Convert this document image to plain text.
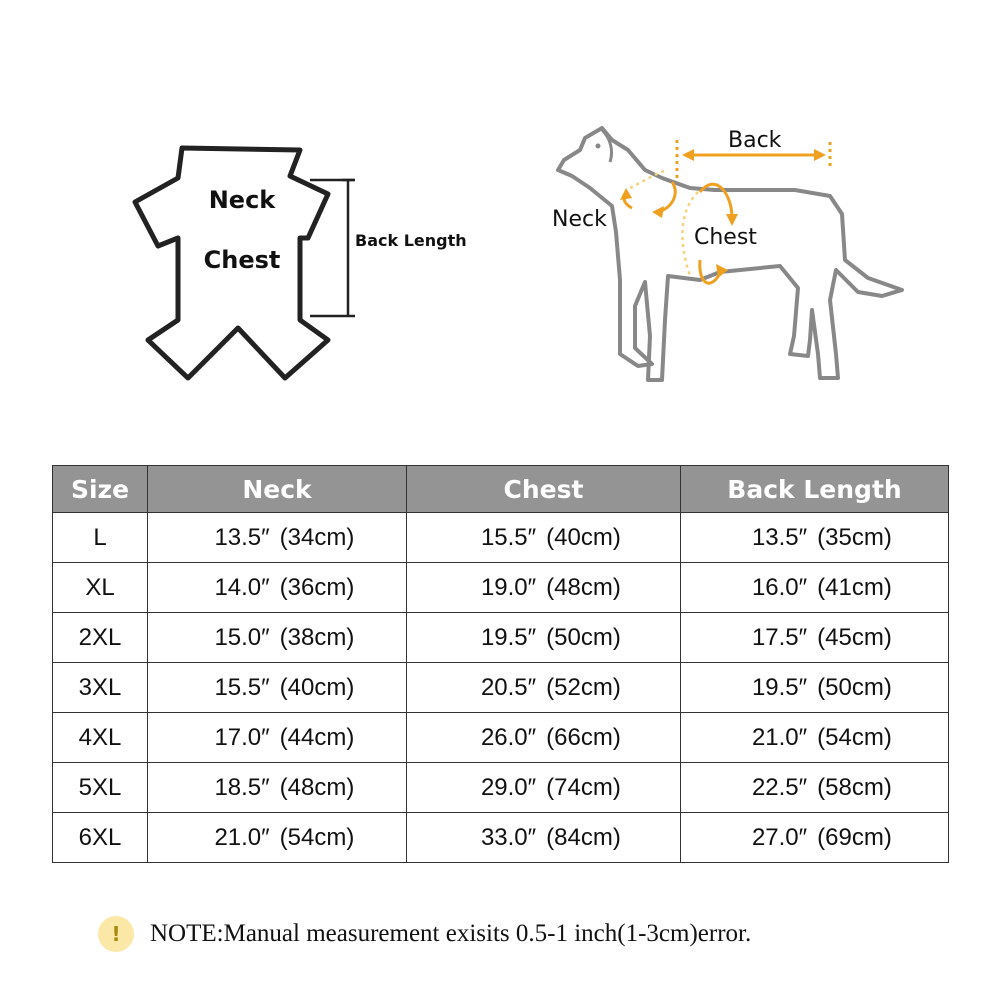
Neck
Chest
Back Length
Back
Neck
Chest
Size	Neck	Chest	Back Length
L	13.5″ (34cm)	15.5″ (40cm)	13.5″ (35cm)
XL	14.0″ (36cm)	19.0″ (48cm)	16.0″ (41cm)
2XL	15.0″ (38cm)	19.5″ (50cm)	17.5″ (45cm)
3XL	15.5″ (40cm)	20.5″ (52cm)	19.5″ (50cm)
4XL	17.0″ (44cm)	26.0″ (66cm)	21.0″ (54cm)
5XL	18.5″ (48cm)	29.0″ (74cm)	22.5″ (58cm)
6XL	21.0″ (54cm)	33.0″ (84cm)	27.0″ (69cm)
!	NOTE:Manual measurement exisits 0.5-1 inch(1-3cm)error.
